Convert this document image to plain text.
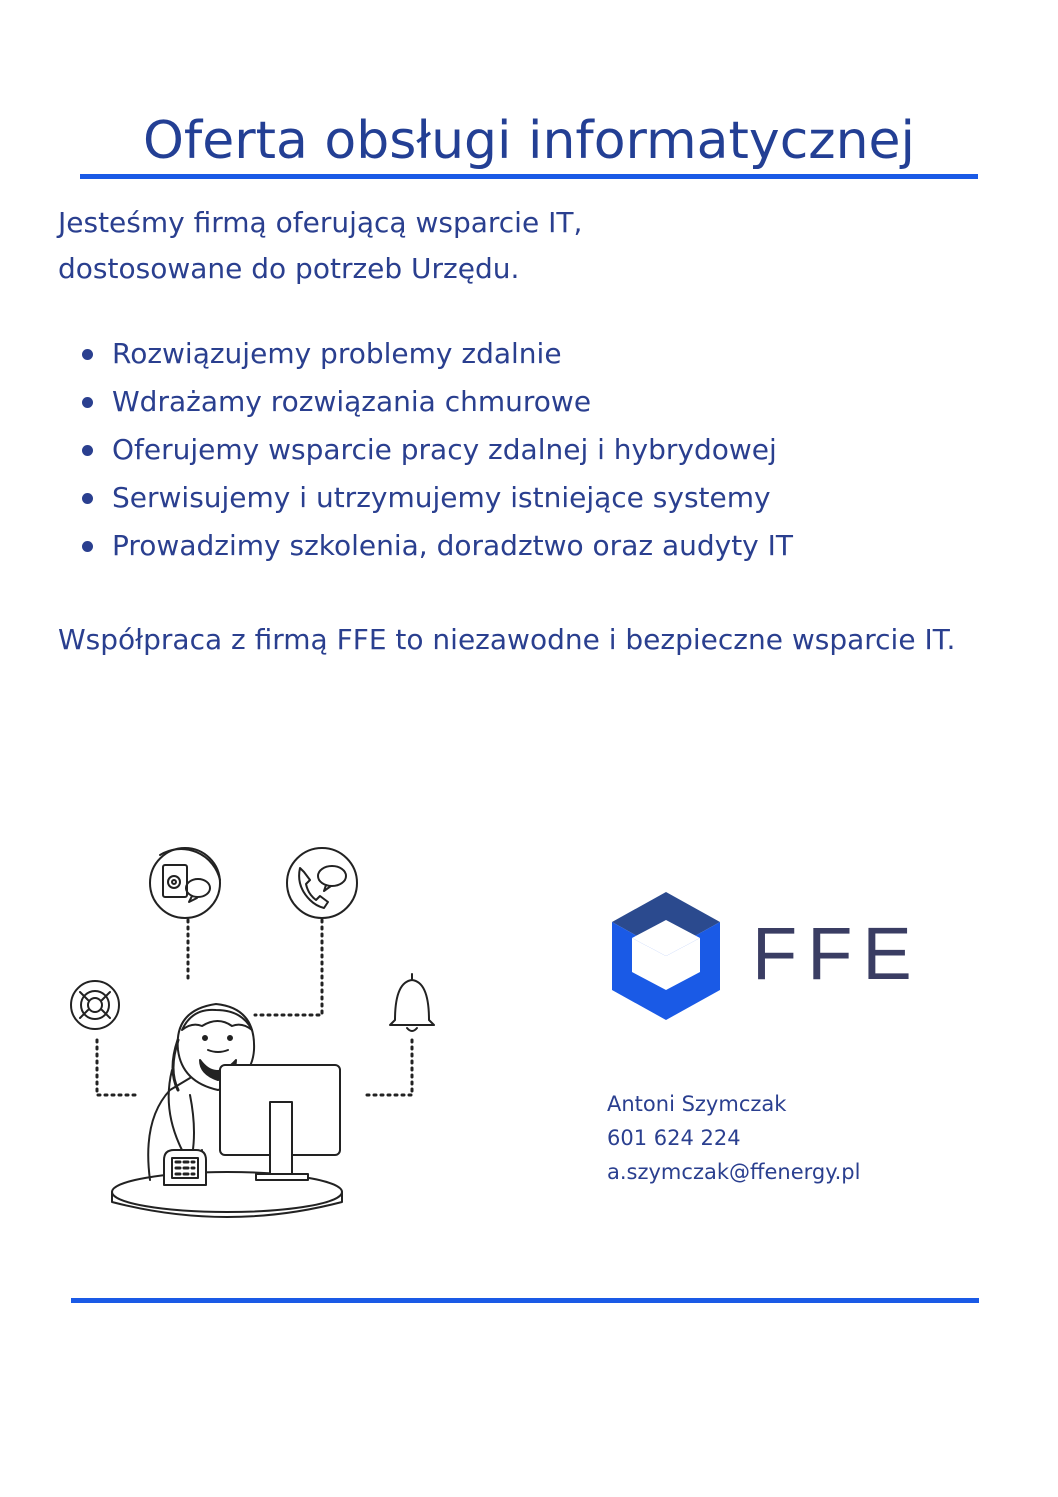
Oferta obsługi informatycznej
Jesteśmy firmą oferującą wsparcie IT,
dostosowane do potrzeb Urzędu.
Rozwiązujemy problemy zdalnie
Wdrażamy rozwiązania chmurowe
Oferujemy wsparcie pracy zdalnej i hybrydowej
Serwisujemy i utrzymujemy istniejące systemy
Prowadzimy szkolenia, doradztwo oraz audyty IT
Współpraca z firmą FFE to niezawodne i bezpieczne wsparcie IT.
FFE
Antoni Szymczak
601 624 224
a.szymczak@ffenergy.pl
